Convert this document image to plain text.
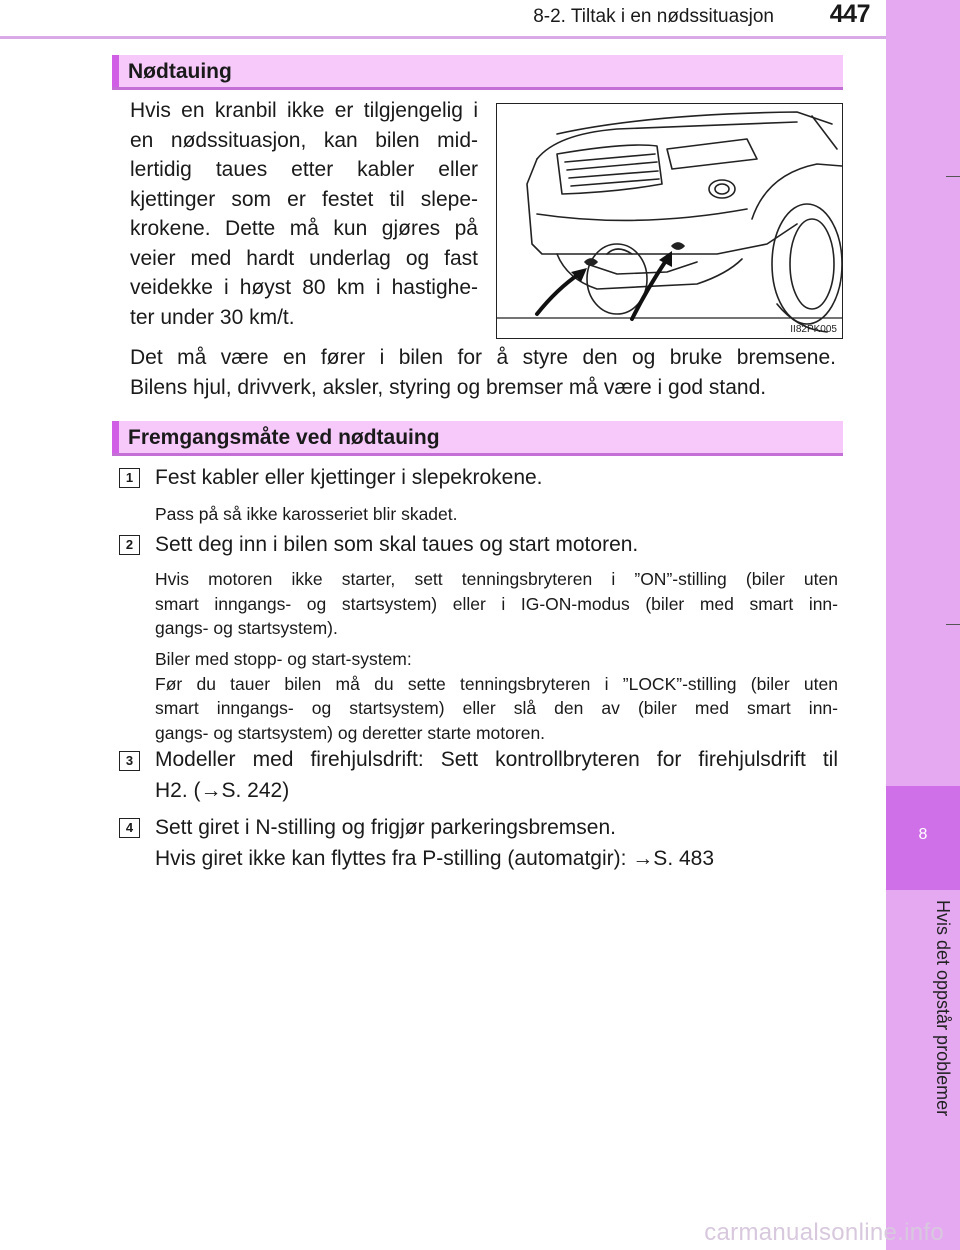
8-2. Tiltak i en nødssituasjon 447
8
Hvis det oppstår problemer
Nødtauing
Hvis en kranbil ikke er tilgjengelig i
en nødssituasjon, kan bilen mid-
lertidig taues etter kabler eller
kjettinger som er festet til slepe-
krokene. Dette må kun gjøres på
veier med hardt underlag og fast
veidekke i høyst 80 km i hastighe-
ter under 30 km/t.
II82PK005
Det må være en fører i bilen for å styre den og bruke bremsene.
Bilens hjul, drivverk, aksler, styring og bremser må være i god stand.
Fremgangsmåte ved nødtauing
1	Fest kabler eller kjettinger i slepekrokene.
Pass på så ikke karosseriet blir skadet.
2	Sett deg inn i bilen som skal taues og start motoren.
Hvis motoren ikke starter, sett tenningsbryteren i ”ON”-stilling (biler uten
smart inngangs- og startsystem) eller i IG-ON-modus (biler med smart inn-
gangs- og startsystem).
Biler med stopp- og start-system:
Før du tauer bilen må du sette tenningsbryteren i ”LOCK”-stilling (biler uten
smart inngangs- og startsystem) eller slå den av (biler med smart inn-
gangs- og startsystem) og deretter starte motoren.
3	Modeller med firehjulsdrift: Sett kontrollbryteren for firehjulsdrift til
H2. (→S. 242)
4	Sett giret i N-stilling og frigjør parkeringsbremsen.
Hvis giret ikke kan flyttes fra P-stilling (automatgir): →S. 483
carmanualsonline.info
